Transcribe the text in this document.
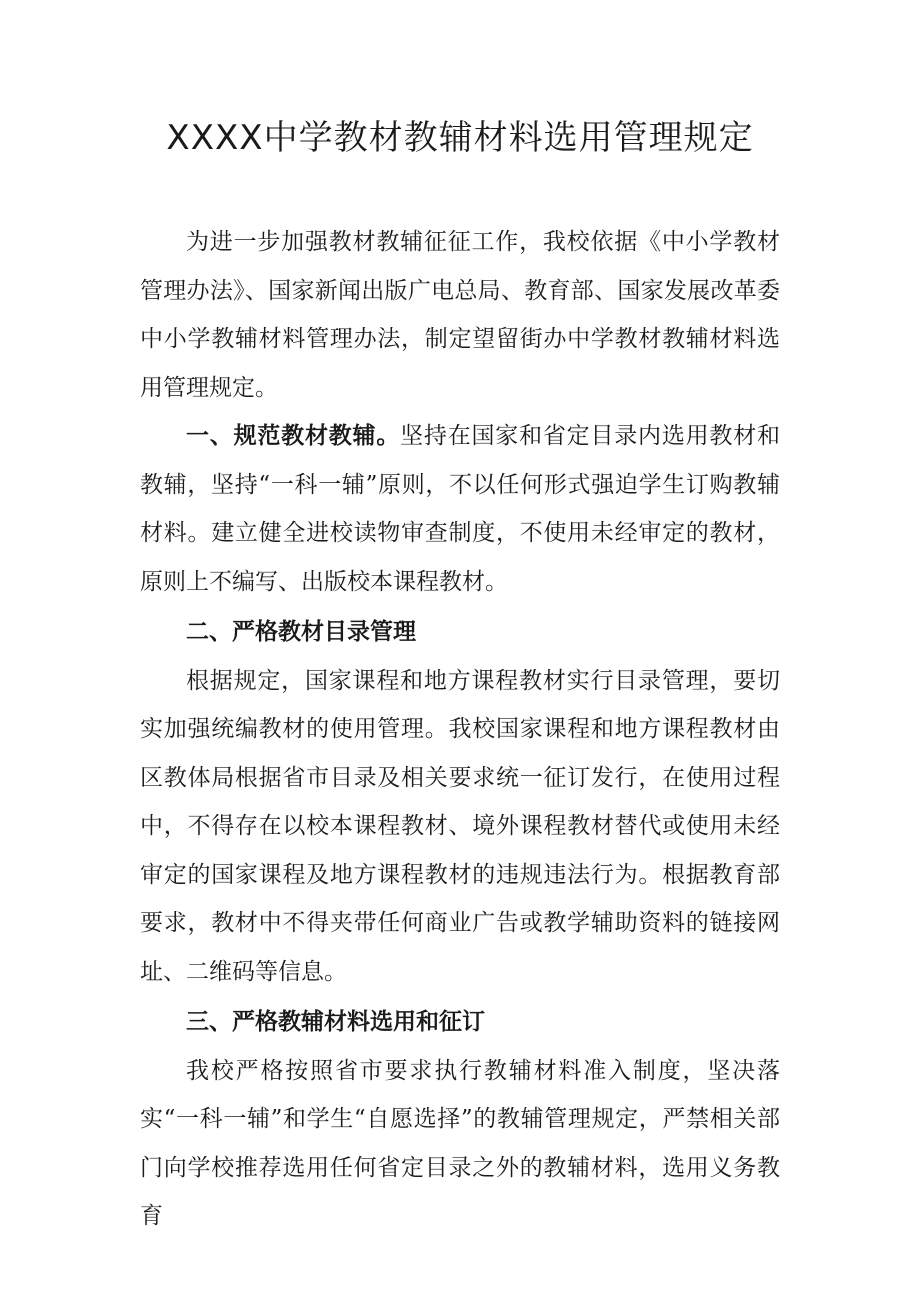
XXXX中学教材教辅材料选用管理规定

为进一步加强教材教辅征征工作，我校依据《中小学教材管理办法》、国家新闻出版广电总局、教育部、国家发展改革委中小学教辅材料管理办法，制定望留街办中学教材教辅材料选用管理规定。

一、规范教材教辅。坚持在国家和省定目录内选用教材和教辅，坚持“一科一辅”原则，不以任何形式强迫学生订购教辅材料。建立健全进校读物审查制度，不使用未经审定的教材，原则上不编写、出版校本课程教材。

二、严格教材目录管理

根据规定，国家课程和地方课程教材实行目录管理，要切实加强统编教材的使用管理。我校国家课程和地方课程教材由区教体局根据省市目录及相关要求统一征订发行，在使用过程中，不得存在以校本课程教材、境外课程教材替代或使用未经审定的国家课程及地方课程教材的违规违法行为。根据教育部要求，教材中不得夹带任何商业广告或教学辅助资料的链接网址、二维码等信息。

三、严格教辅材料选用和征订

我校严格按照省市要求执行教辅材料准入制度，坚决落实“一科一辅”和学生“自愿选择”的教辅管理规定，严禁相关部门向学校推荐选用任何省定目录之外的教辅材料，选用义务教育
